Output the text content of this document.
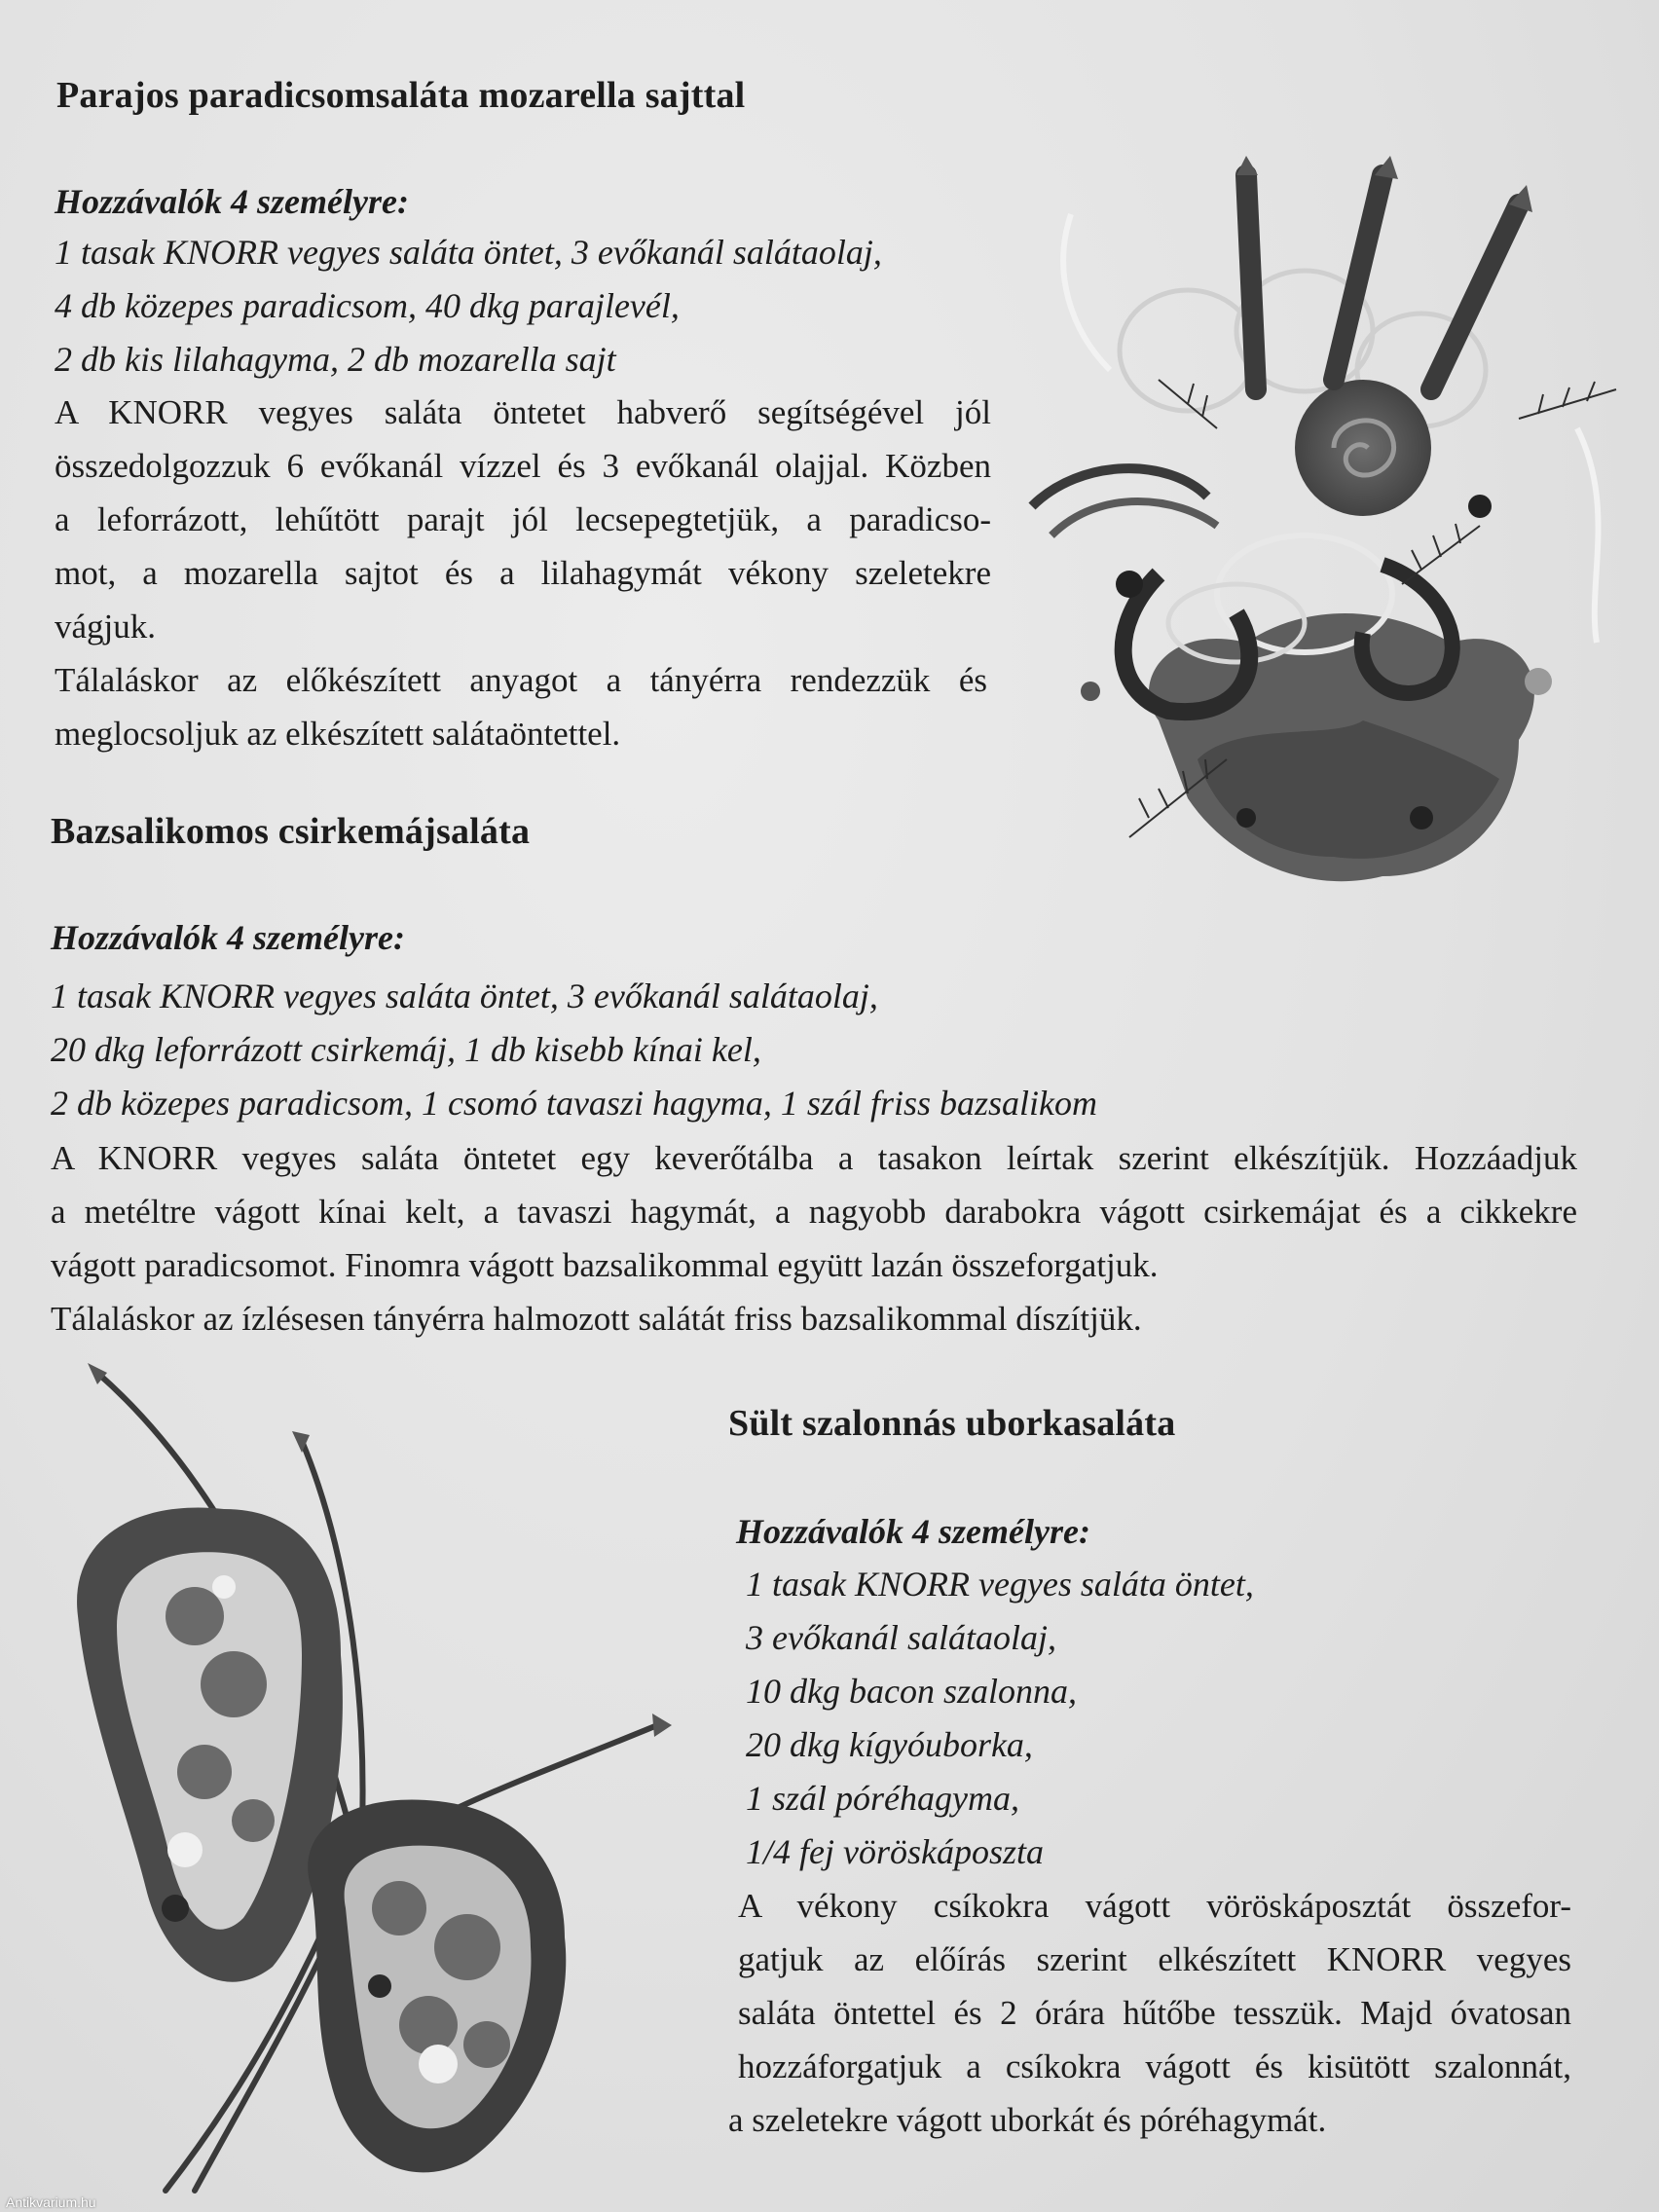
Parajos paradicsomsaláta mozarella sajttal
Hozzávalók 4 személyre:
1 tasak KNORR vegyes saláta öntet, 3 evőkanál salátaolaj,
4 db közepes paradicsom, 40 dkg parajlevél,
2 db kis lilahagyma, 2 db mozarella sajt
A KNORR vegyes saláta öntetet habverő segítségével jól
összedolgozzuk 6 evőkanál vízzel és 3 evőkanál olajjal. Közben
a leforrázott, lehűtött parajt jól lecsepegtetjük, a paradicso-
mot, a mozarella sajtot és a lilahagymát vékony szeletekre
vágjuk.
Tálaláskor az előkészített anyagot a tányérra rendezzük és
meglocsoljuk az elkészített salátaöntettel.
Bazsalikomos csirkemájsaláta
Hozzávalók 4 személyre:
1 tasak KNORR vegyes saláta öntet, 3 evőkanál salátaolaj,
20 dkg leforrázott csirkemáj, 1 db kisebb kínai kel,
2 db közepes paradicsom, 1 csomó tavaszi hagyma, 1 szál friss bazsalikom
A KNORR vegyes saláta öntetet egy keverőtálba a tasakon leírtak szerint elkészítjük. Hozzáadjuk
a metéltre vágott kínai kelt, a tavaszi hagymát, a nagyobb darabokra vágott csirkemájat és a cikkekre
vágott paradicsomot. Finomra vágott bazsalikommal együtt lazán összeforgatjuk.
Tálaláskor az ízlésesen tányérra halmozott salátát friss bazsalikommal díszítjük.
Sült szalonnás uborkasaláta
Hozzávalók 4 személyre:
1 tasak KNORR vegyes saláta öntet,
3 evőkanál salátaolaj,
10 dkg bacon szalonna,
20 dkg kígyóuborka,
1 szál póréhagyma,
1/4 fej vöröskáposzta
A vékony csíkokra vágott vöröskáposztát összefor-
gatjuk az előírás szerint elkészített KNORR vegyes
saláta öntettel és 2 órára hűtőbe tesszük. Majd óvatosan
hozzáforgatjuk a csíkokra vágott és kisütött szalonnát,
a szeletekre vágott uborkát és póréhagymát.
Antikvarium.hu
